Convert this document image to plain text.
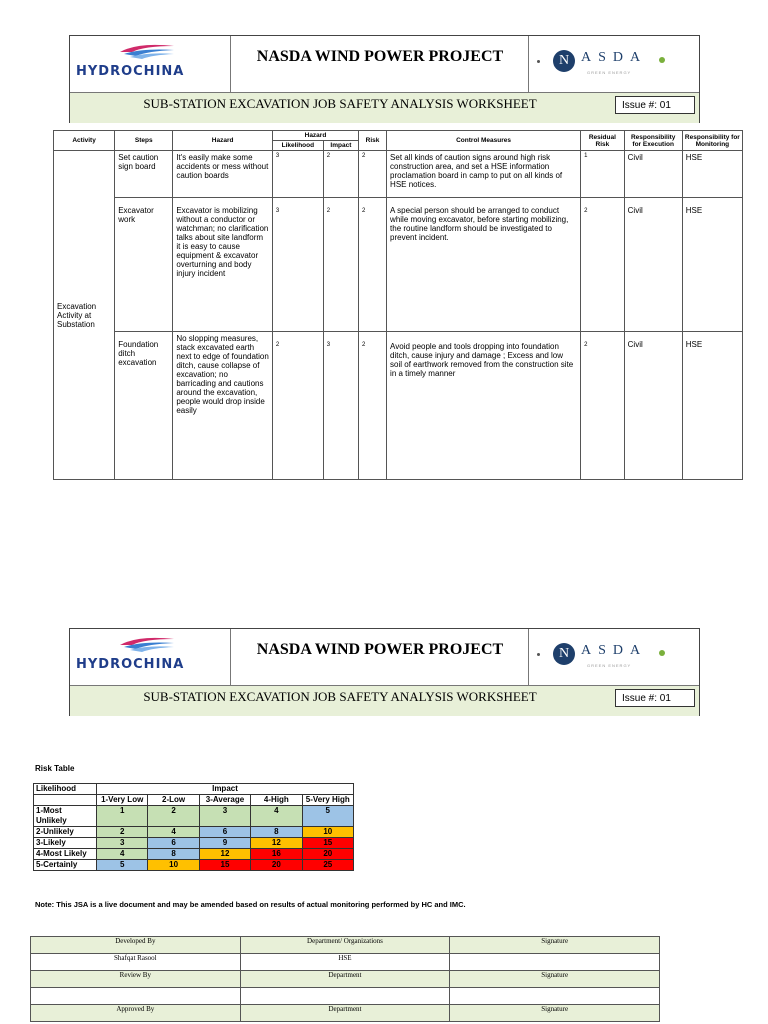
HYDROCHINA
NASDA WIND POWER PROJECT	N ASDA
GREEN ENERGY
SUB-STATION EXCAVATION JOB SAFETY ANALYSIS WORKSHEET	Issue #: 01
Activity	Steps	Hazard	Hazard		Risk	Control Measures	Residual Risk	Responsibility for Execution	Responsibility for Monitoring
			Likelihood	Impact					
Excavation Activity at Substation	Set caution sign board	It's easily make some accidents or mess without caution boards	3	2	2	Set all kinds of caution signs around high risk construction area, and set a HSE information proclamation board in camp to put on all kinds of HSE notices.	1	Civil	HSE
	Excavator work	Excavator is mobilizing without a conductor or watchman; no clarification talks about site landform it is easy to cause equipment & excavator overturning and body injury incident	3	2	2	A special person should be arranged to conduct while moving excavator, before starting mobilizing, the routine landform should be investigated to prevent incident.	2	Civil	HSE
	Foundation ditch excavation	No slopping measures, stack excavated earth next to edge of foundation ditch, cause collapse of excavation; no barricading and cautions around the excavation, people would drop inside easily	2	3	2	Avoid people and tools dropping into foundation ditch, cause injury and damage ; Excess and low soil of earthwork removed from the construction site in a timely manner	2	Civil	HSE
HYDROCHINA
NASDA WIND POWER PROJECT	N ASDA
GREEN ENERGY
SUB-STATION EXCAVATION JOB SAFETY ANALYSIS WORKSHEET	Issue #: 01
Risk Table
Likelihood	Impact				
	1-Very Low	2-Low	3-Average	4-High	5-Very High
1-Most Unlikely	1	2	3	4	5
2-Unlikely	2	4	6	8	10
3-Likely	3	6	9	12	15
4-Most Likely	4	8	12	16	20
5-Certainly	5	10	15	20	25
Note: This JSA is a live document and may be amended based on results of actual monitoring performed by HC and IMC.
Developed By	Department/ Organizations	Signature
Shafqat Rasool	HSE	
Review By	Department	Signature

Approved By	Department	Signature
